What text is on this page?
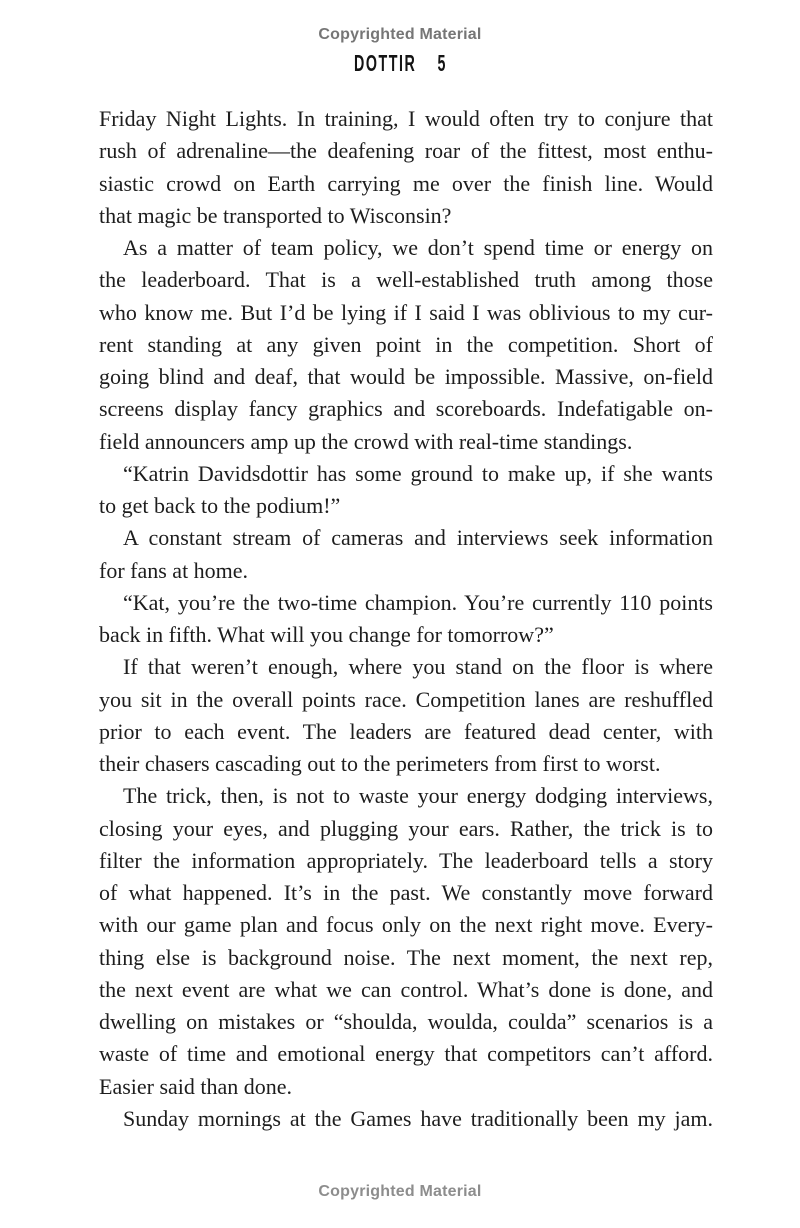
Copyrighted Material
DOTTIR 5
Friday Night Lights. In training, I would often try to conjure that
rush of adrenaline—the deafening roar of the fittest, most enthu-
siastic crowd on Earth carrying me over the finish line. Would
that magic be transported to Wisconsin?
As a matter of team policy, we don’t spend time or energy on
the leaderboard. That is a well-established truth among those
who know me. But I’d be lying if I said I was oblivious to my cur-
rent standing at any given point in the competition. Short of
going blind and deaf, that would be impossible. Massive, on-field
screens display fancy graphics and scoreboards. Indefatigable on-
field announcers amp up the crowd with real-time standings.
“Katrin Davidsdottir has some ground to make up, if she wants
to get back to the podium!”
A constant stream of cameras and interviews seek information
for fans at home.
“Kat, you’re the two-time champion. You’re currently 110 points
back in fifth. What will you change for tomorrow?”
If that weren’t enough, where you stand on the floor is where
you sit in the overall points race. Competition lanes are reshuffled
prior to each event. The leaders are featured dead center, with
their chasers cascading out to the perimeters from first to worst.
The trick, then, is not to waste your energy dodging interviews,
closing your eyes, and plugging your ears. Rather, the trick is to
filter the information appropriately. The leaderboard tells a story
of what happened. It’s in the past. We constantly move forward
with our game plan and focus only on the next right move. Every-
thing else is background noise. The next moment, the next rep,
the next event are what we can control. What’s done is done, and
dwelling on mistakes or “shoulda, woulda, coulda” scenarios is a
waste of time and emotional energy that competitors can’t afford.
Easier said than done.
Sunday mornings at the Games have traditionally been my jam.
Copyrighted Material
